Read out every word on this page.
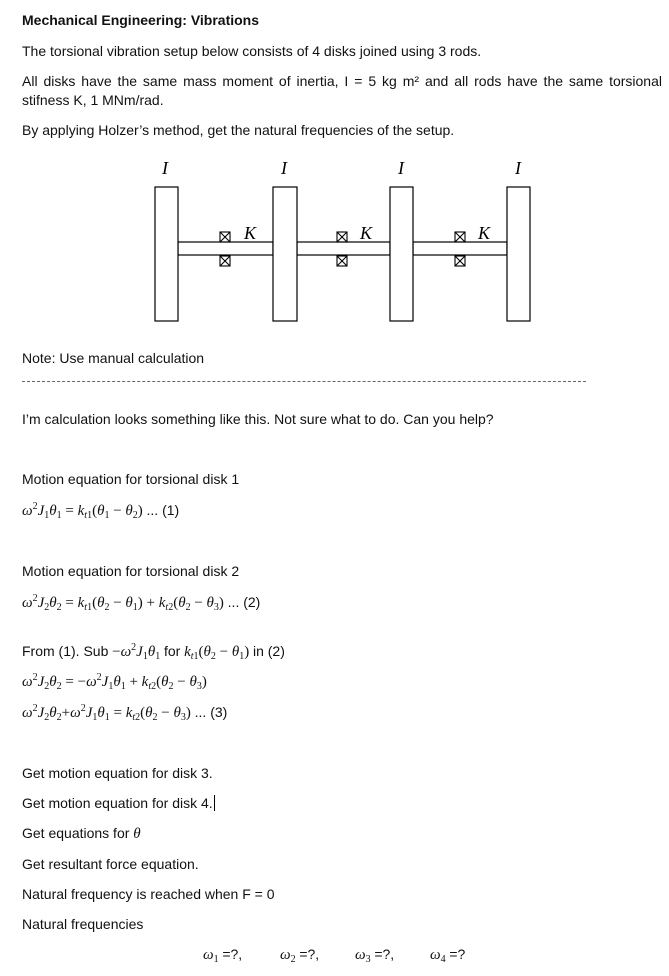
Mechanical Engineering: Vibrations
The torsional vibration setup below consists of 4 disks joined using 3 rods.
All disks have the same mass moment of inertia, I = 5 kg m² and all rods have the same torsional
stifness K, 1 MNm/rad.
By applying Holzer’s method, get the natural frequencies of the setup.
I	I	I	I
K	K	K
Note: Use manual calculation
I’m calculation looks something like this. Not sure what to do. Can you help?
Motion equation for torsional disk 1
$\omega^2J_1\theta_1 = k_{t1}(\theta_1 - \theta_2)$ ... (1)
Motion equation for torsional disk 2
$\omega^2J_2\theta_2 = k_{t1}(\theta_2 - \theta_1) + k_{t2}(\theta_2 - \theta_3)$ ... (2)
From (1). Sub $-\omega^2J_1\theta_1$ for $k_{t1}(\theta_2 - \theta_1)$ in (2)
$\omega^2J_2\theta_2 = -\omega^2J_1\theta_1 + k_{t2}(\theta_2 - \theta_3)$
$\omega^2J_2\theta_2+\omega^2J_1\theta_1 = k_{t2}(\theta_2 - \theta_3)$ ... (3)
Get motion equation for disk 3.
Get motion equation for disk 4.
Get equations for θ
Get resultant force equation.
Natural frequency is reached when F = 0
Natural frequencies
$\omega_1$ =?,	$\omega_2$ =?, $\omega_3$ =?, $\omega_4$ =?
